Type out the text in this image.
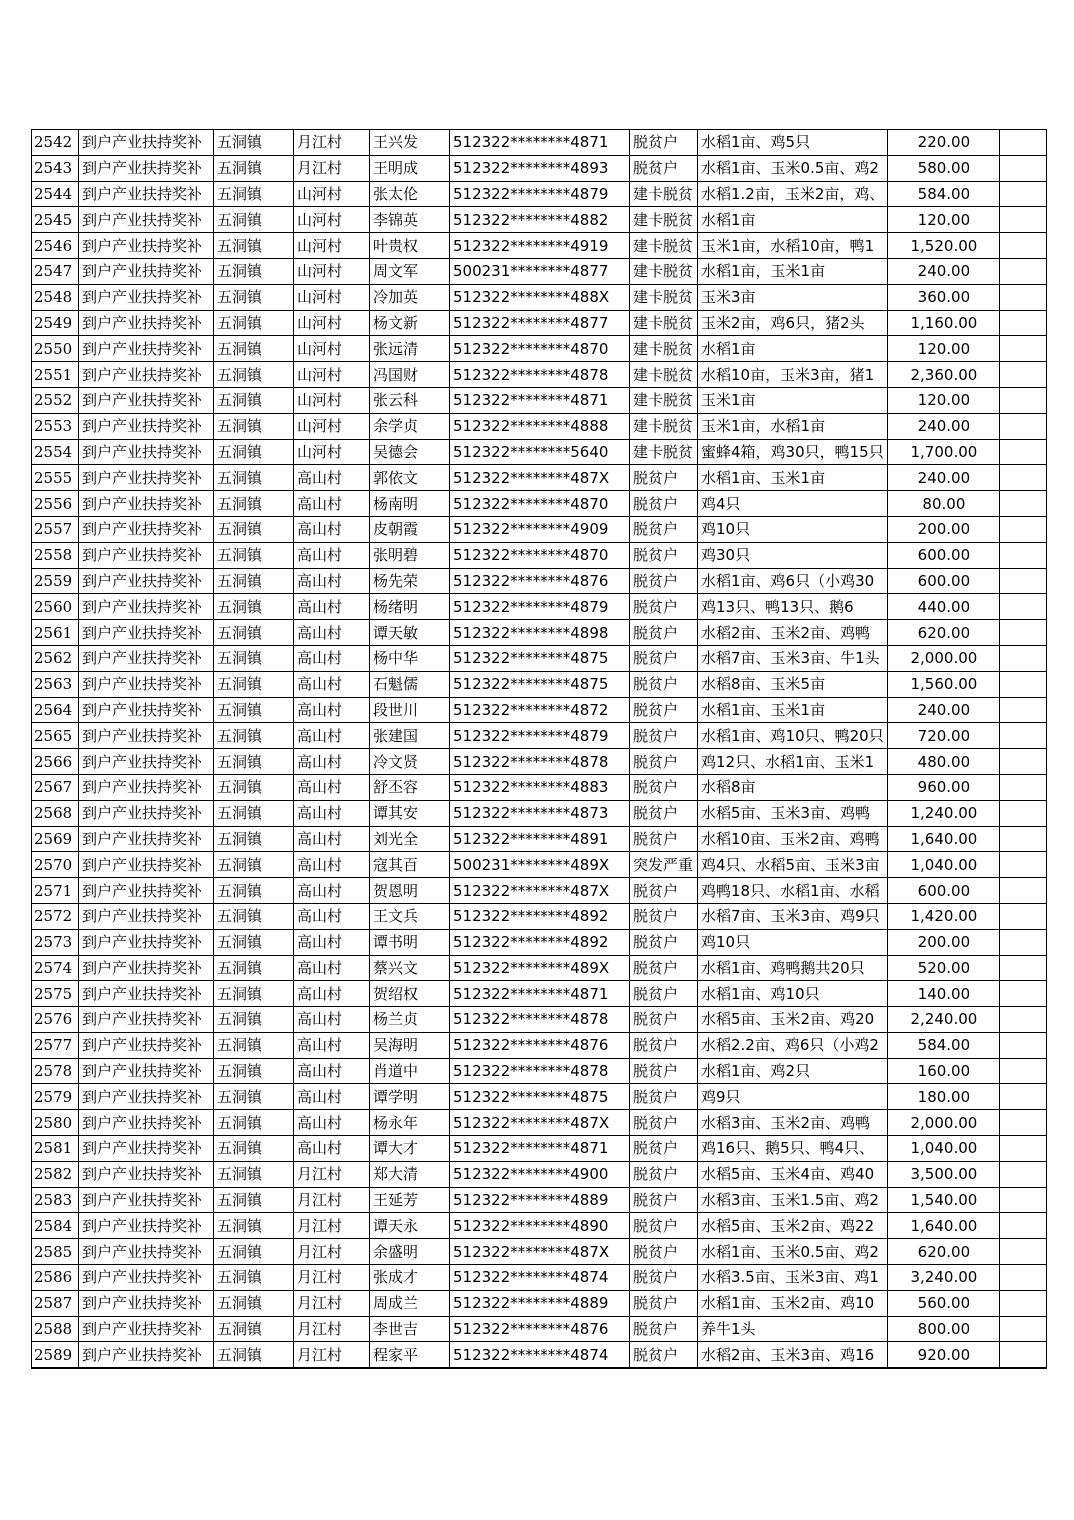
2542	到户产业扶持奖补	五洞镇	月江村	王兴发	512322********4871	脱贫户	水稻1亩、鸡5只	220.00	
2543	到户产业扶持奖补	五洞镇	月江村	王明成	512322********4893	脱贫户	水稻1亩、玉米0.5亩、鸡2	580.00	
2544	到户产业扶持奖补	五洞镇	山河村	张太伦	512322********4879	建卡脱贫	水稻1.2亩，玉米2亩，鸡、	584.00	
2545	到户产业扶持奖补	五洞镇	山河村	李锦英	512322********4882	建卡脱贫	水稻1亩	120.00	
2546	到户产业扶持奖补	五洞镇	山河村	叶贵权	512322********4919	建卡脱贫	玉米1亩，水稻10亩，鸭1	1,520.00	
2547	到户产业扶持奖补	五洞镇	山河村	周文军	500231********4877	建卡脱贫	水稻1亩，玉米1亩	240.00	
2548	到户产业扶持奖补	五洞镇	山河村	冷加英	512322********488X	建卡脱贫	玉米3亩	360.00	
2549	到户产业扶持奖补	五洞镇	山河村	杨文新	512322********4877	建卡脱贫	玉米2亩，鸡6只，猪2头	1,160.00	
2550	到户产业扶持奖补	五洞镇	山河村	张远清	512322********4870	建卡脱贫	水稻1亩	120.00	
2551	到户产业扶持奖补	五洞镇	山河村	冯国财	512322********4878	建卡脱贫	水稻10亩，玉米3亩，猪1	2,360.00	
2552	到户产业扶持奖补	五洞镇	山河村	张云科	512322********4871	建卡脱贫	玉米1亩	120.00	
2553	到户产业扶持奖补	五洞镇	山河村	余学贞	512322********4888	建卡脱贫	玉米1亩，水稻1亩	240.00	
2554	到户产业扶持奖补	五洞镇	山河村	吴德会	512322********5640	建卡脱贫	蜜蜂4箱，鸡30只，鸭15只	1,700.00	
2555	到户产业扶持奖补	五洞镇	高山村	郭依文	512322********487X	脱贫户	水稻1亩、玉米1亩	240.00	
2556	到户产业扶持奖补	五洞镇	高山村	杨南明	512322********4870	脱贫户	鸡4只	80.00	
2557	到户产业扶持奖补	五洞镇	高山村	皮朝霞	512322********4909	脱贫户	鸡10只	200.00	
2558	到户产业扶持奖补	五洞镇	高山村	张明碧	512322********4870	脱贫户	鸡30只	600.00	
2559	到户产业扶持奖补	五洞镇	高山村	杨先荣	512322********4876	脱贫户	水稻1亩、鸡6只（小鸡30	600.00	
2560	到户产业扶持奖补	五洞镇	高山村	杨绪明	512322********4879	脱贫户	鸡13只、鸭13只、鹅6	440.00	
2561	到户产业扶持奖补	五洞镇	高山村	谭天敏	512322********4898	脱贫户	水稻2亩、玉米2亩、鸡鸭	620.00	
2562	到户产业扶持奖补	五洞镇	高山村	杨中华	512322********4875	脱贫户	水稻7亩、玉米3亩、牛1头	2,000.00	
2563	到户产业扶持奖补	五洞镇	高山村	石魁儒	512322********4875	脱贫户	水稻8亩、玉米5亩	1,560.00	
2564	到户产业扶持奖补	五洞镇	高山村	段世川	512322********4872	脱贫户	水稻1亩、玉米1亩	240.00	
2565	到户产业扶持奖补	五洞镇	高山村	张建国	512322********4879	脱贫户	水稻1亩、鸡10只、鸭20只	720.00	
2566	到户产业扶持奖补	五洞镇	高山村	冷文贤	512322********4878	脱贫户	鸡12只、水稻1亩、玉米1	480.00	
2567	到户产业扶持奖补	五洞镇	高山村	舒丕容	512322********4883	脱贫户	水稻8亩	960.00	
2568	到户产业扶持奖补	五洞镇	高山村	谭其安	512322********4873	脱贫户	水稻5亩、玉米3亩、鸡鸭	1,240.00	
2569	到户产业扶持奖补	五洞镇	高山村	刘光全	512322********4891	脱贫户	水稻10亩、玉米2亩、鸡鸭	1,640.00	
2570	到户产业扶持奖补	五洞镇	高山村	寇其百	500231********489X	突发严重	鸡4只、水稻5亩、玉米3亩	1,040.00	
2571	到户产业扶持奖补	五洞镇	高山村	贺恩明	512322********487X	脱贫户	鸡鸭18只、水稻1亩、水稻	600.00	
2572	到户产业扶持奖补	五洞镇	高山村	王文兵	512322********4892	脱贫户	水稻7亩、玉米3亩、鸡9只	1,420.00	
2573	到户产业扶持奖补	五洞镇	高山村	谭书明	512322********4892	脱贫户	鸡10只	200.00	
2574	到户产业扶持奖补	五洞镇	高山村	蔡兴文	512322********489X	脱贫户	水稻1亩、鸡鸭鹅共20只	520.00	
2575	到户产业扶持奖补	五洞镇	高山村	贺绍权	512322********4871	脱贫户	水稻1亩、鸡10只	140.00	
2576	到户产业扶持奖补	五洞镇	高山村	杨兰贞	512322********4878	脱贫户	水稻5亩、玉米2亩、鸡20	2,240.00	
2577	到户产业扶持奖补	五洞镇	高山村	吴海明	512322********4876	脱贫户	水稻2.2亩、鸡6只（小鸡2	584.00	
2578	到户产业扶持奖补	五洞镇	高山村	肖道中	512322********4878	脱贫户	水稻1亩、鸡2只	160.00	
2579	到户产业扶持奖补	五洞镇	高山村	谭学明	512322********4875	脱贫户	鸡9只	180.00	
2580	到户产业扶持奖补	五洞镇	高山村	杨永年	512322********487X	脱贫户	水稻3亩、玉米2亩、鸡鸭	2,000.00	
2581	到户产业扶持奖补	五洞镇	高山村	谭大才	512322********4871	脱贫户	鸡16只、鹅5只、鸭4只、	1,040.00	
2582	到户产业扶持奖补	五洞镇	月江村	郑大清	512322********4900	脱贫户	水稻5亩、玉米4亩、鸡40	3,500.00	
2583	到户产业扶持奖补	五洞镇	月江村	王延芳	512322********4889	脱贫户	水稻3亩、玉米1.5亩、鸡2	1,540.00	
2584	到户产业扶持奖补	五洞镇	月江村	谭天永	512322********4890	脱贫户	水稻5亩、玉米2亩、鸡22	1,640.00	
2585	到户产业扶持奖补	五洞镇	月江村	余盛明	512322********487X	脱贫户	水稻1亩、玉米0.5亩、鸡2	620.00	
2586	到户产业扶持奖补	五洞镇	月江村	张成才	512322********4874	脱贫户	水稻3.5亩、玉米3亩、鸡1	3,240.00	
2587	到户产业扶持奖补	五洞镇	月江村	周成兰	512322********4889	脱贫户	水稻1亩、玉米2亩、鸡10	560.00	
2588	到户产业扶持奖补	五洞镇	月江村	李世吉	512322********4876	脱贫户	养牛1头	800.00	
2589	到户产业扶持奖补	五洞镇	月江村	程家平	512322********4874	脱贫户	水稻2亩、玉米3亩、鸡16	920.00	
